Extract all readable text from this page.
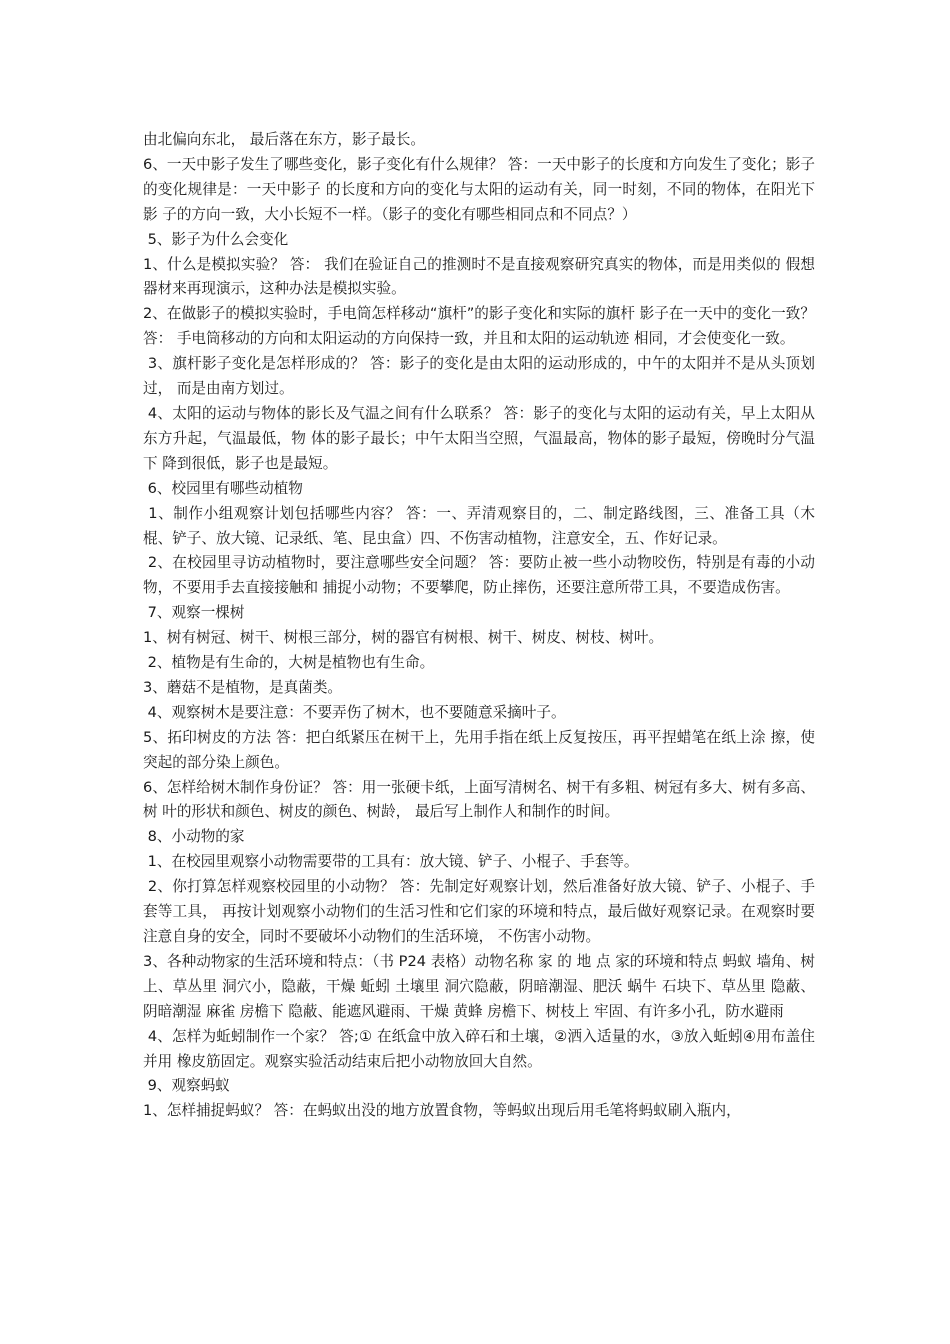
由北偏向东北， 最后落在东方，影子最长。

6、一天中影子发生了哪些变化，影子变化有什么规律？ 答：一天中影子的长度和方向发生了变化；影子的变化规律是：一天中影子 的长度和方向的变化与太阳的运动有关，同一时刻，不同的物体，在阳光下影 子的方向一致，大小长短不一样。（影子的变化有哪些相同点和不同点？）

5、影子为什么会变化

1、什么是模拟实验？ 答： 我们在验证自己的推测时不是直接观察研究真实的物体，而是用类似的 假想器材来再现演示，这种办法是模拟实验。

2、在做影子的模拟实验时，手电筒怎样移动“旗杆”的影子变化和实际的旗杆 影子在一天中的变化一致？ 答： 手电筒移动的方向和太阳运动的方向保持一致，并且和太阳的运动轨迹 相同，才会使变化一致。

3、旗杆影子变化是怎样形成的？ 答：影子的变化是由太阳的运动形成的，中午的太阳并不是从头顶划过， 而是由南方划过。

4、太阳的运动与物体的影长及气温之间有什么联系？ 答：影子的变化与太阳的运动有关，早上太阳从东方升起，气温最低，物 体的影子最长；中午太阳当空照，气温最高，物体的影子最短，傍晚时分气温下 降到很低，影子也是最短。

6、校园里有哪些动植物

1、制作小组观察计划包括哪些内容？ 答：一、弄清观察目的，二、制定路线图，三、准备工具（木棍、铲子、放大镜、记录纸、笔、昆虫盒）四、不伤害动植物，注意安全，五、作好记录。

2、在校园里寻访动植物时，要注意哪些安全问题？ 答：要防止被一些小动物咬伤，特别是有毒的小动物，不要用手去直接接触和 捕捉小动物；不要攀爬，防止摔伤，还要注意所带工具，不要造成伤害。

7、观察一棵树

1、树有树冠、树干、树根三部分，树的器官有树根、树干、树皮、树枝、树叶。

2、植物是有生命的，大树是植物也有生命。

3、蘑菇不是植物，是真菌类。

4、观察树木是要注意：不要弄伤了树木，也不要随意采摘叶子。

5、拓印树皮的方法 答：把白纸紧压在树干上，先用手指在纸上反复按压，再平捏蜡笔在纸上涂 擦，使突起的部分染上颜色。

6、怎样给树木制作身份证？ 答：用一张硬卡纸，上面写清树名、树干有多粗、树冠有多大、树有多高、树 叶的形状和颜色、树皮的颜色、树龄， 最后写上制作人和制作的时间。

8、小动物的家

1、在校园里观察小动物需要带的工具有：放大镜、铲子、小棍子、手套等。

2、你打算怎样观察校园里的小动物？ 答：先制定好观察计划，然后准备好放大镜、铲子、小棍子、手套等工具， 再按计划观察小动物们的生活习性和它们家的环境和特点，最后做好观察记录。在观察时要注意自身的安全，同时不要破坏小动物们的生活环境， 不伤害小动物。

3、各种动物家的生活环境和特点：（书 P24 表格）动物名称 家 的 地 点 家的环境和特点 蚂蚁 墙角、树上、草丛里 洞穴小，隐蔽，干燥 蚯蚓 土壤里 洞穴隐蔽，阴暗潮湿、肥沃 蜗牛 石块下、草丛里 隐蔽、阴暗潮湿 麻雀 房檐下 隐蔽、能遮风避雨、干燥 黄蜂 房檐下、树枝上 牢固、有许多小孔，防水避雨

4、怎样为蚯蚓制作一个家？ 答;① 在纸盒中放入碎石和土壤，②洒入适量的水，③放入蚯蚓④用布盖住并用 橡皮筋固定。观察实验活动结束后把小动物放回大自然。

9、观察蚂蚁

1、怎样捕捉蚂蚁？ 答：在蚂蚁出没的地方放置食物，等蚂蚁出现后用毛笔将蚂蚁刷入瓶内，
